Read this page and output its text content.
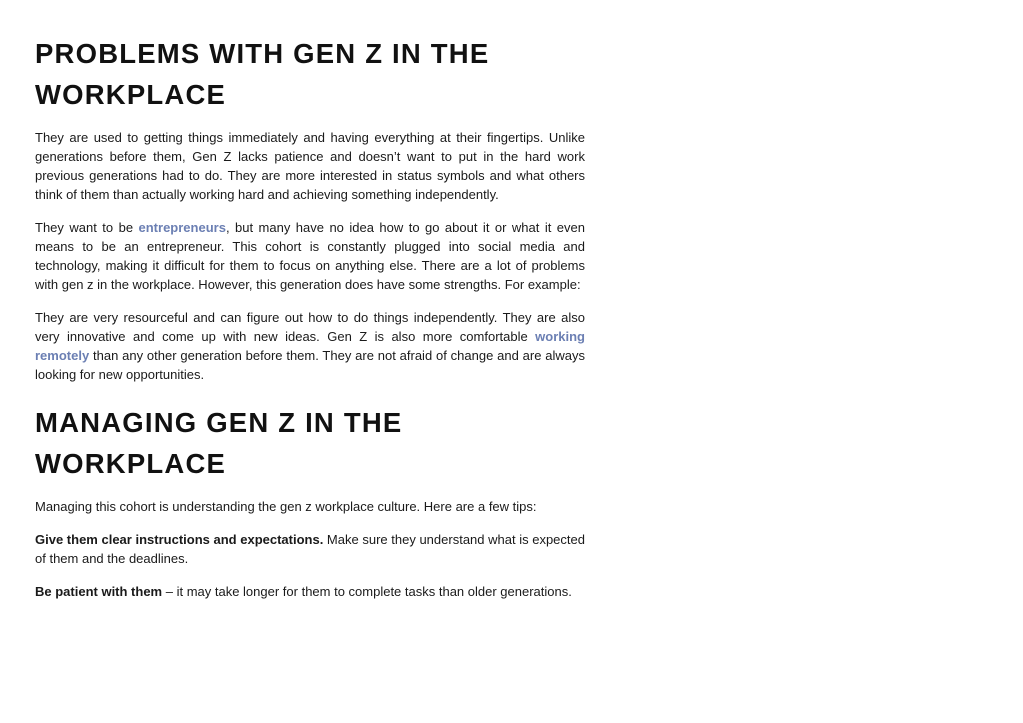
PROBLEMS WITH GEN Z IN THE
WORKPLACE

They are used to getting things immediately and having everything at their fingertips. Unlike generations before them, Gen Z lacks patience and doesn’t want to put in the hard work previous generations had to do. They are more interested in status symbols and what others think of them than actually working hard and achieving something independently.

They want to be entrepreneurs, but many have no idea how to go about it or what it even means to be an entrepreneur. This cohort is constantly plugged into social media and technology, making it difficult for them to focus on anything else. There are a lot of problems with gen z in the workplace. However, this generation does have some strengths. For example:

They are very resourceful and can figure out how to do things independently. They are also very innovative and come up with new ideas. Gen Z is also more comfortable working remotely than any other generation before them. They are not afraid of change and are always looking for new opportunities.

MANAGING GEN Z IN THE
WORKPLACE

Managing this cohort is understanding the gen z workplace culture. Here are a few tips:

Give them clear instructions and expectations. Make sure they understand what is expected of them and the deadlines.

Be patient with them – it may take longer for them to complete tasks than older generations.
